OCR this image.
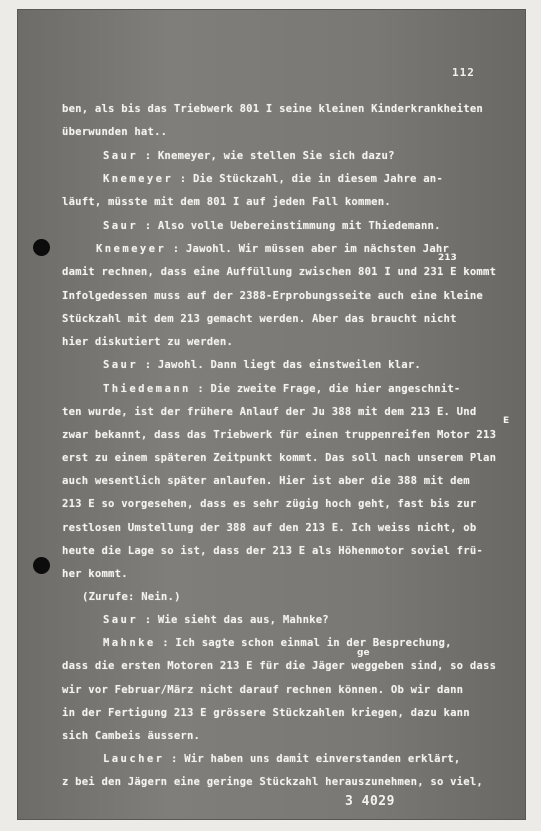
112
ben, als bis das Triebwerk 801 I seine kleinen Kinderkrankheiten
überwunden hat..
Saur : Knemeyer, wie stellen Sie sich dazu?
Knemeyer : Die Stückzahl, die in diesem Jahre an-
läuft, müsste mit dem 801 I auf jeden Fall kommen.
Saur : Also volle Uebereinstimmung mit Thiedemann.
Knemeyer : Jawohl. Wir müssen aber im nächsten Jahr
213
damit rechnen, dass eine Auffüllung zwischen 801 I und 231 E kommt
Infolgedessen muss auf der 2388-Erprobungsseite auch eine kleine
Stückzahl mit dem 213 gemacht werden. Aber das braucht nicht
hier diskutiert zu werden.
Saur : Jawohl. Dann liegt das einstweilen klar.
Thiedemann : Die zweite Frage, die hier angeschnit-
ten wurde, ist der frühere Anlauf der Ju 388 mit dem 213 E. Und
E
zwar bekannt, dass das Triebwerk für einen truppenreifen Motor 213
erst zu einem späteren Zeitpunkt kommt. Das soll nach unserem Plan
auch wesentlich später anlaufen. Hier ist aber die 388 mit dem
213 E so vorgesehen, dass es sehr zügig hoch geht, fast bis zur
restlosen Umstellung der 388 auf den 213 E. Ich weiss nicht, ob
heute die Lage so ist, dass der 213 E als Höhenmotor soviel frü-
her kommt.
(Zurufe: Nein.)
Saur : Wie sieht das aus, Mahnke?
Mahnke : Ich sagte schon einmal in der Besprechung,
ge
dass die ersten Motoren 213 E für die Jäger weggeben sind, so dass
wir vor Februar/März nicht darauf rechnen können. Ob wir dann
in der Fertigung 213 E grössere Stückzahlen kriegen, dazu kann
sich Cambeis äussern.
Laucher : Wir haben uns damit einverstanden erklärt,
z bei den Jägern eine geringe Stückzahl herauszunehmen, so viel,
3 4029
